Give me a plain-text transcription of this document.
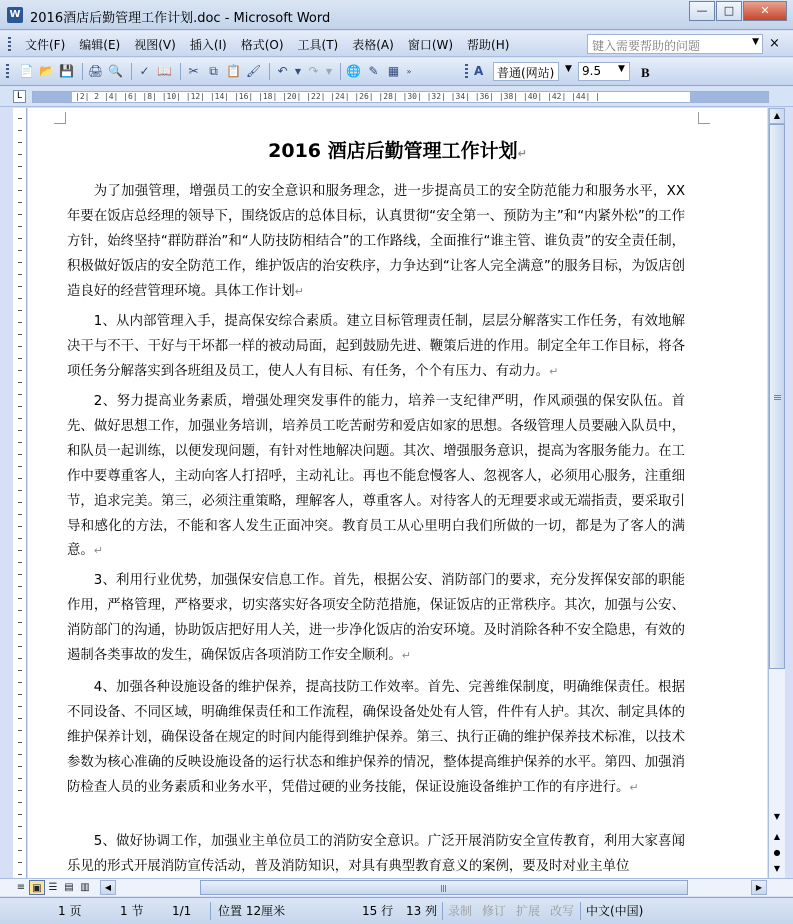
W 2016酒店后勤管理工作计划.doc - Microsoft Word
—	□	✕
文件(F) 编辑(E) 视图(V) 插入(I) 格式(O) 工具(T) 表格(A) 窗口(W) 帮助(H)	键入需要帮助的问题	▼ ×
📄 📂 💾 🖨 🔍 ✓ 📖 ✂ ⧉ 📋 🖌 ↶ ▼ ↷ ▼ 🌐 ✎ ▦ »	A	普通(网站)	▼ 9.5	▼ B
L	|2| 2 |4| |6| |8| |10| |12| |14| |16| |18| |20| |22| |24| |26| |28| |30| |32| |34| |36| |38| |40| |42| |44| |
2016 酒店后勤管理工作计划↵
为了加强管理，增强员工的安全意识和服务理念，进一步提高员工的安全防范能力和服务水平，XX年要在饭店总经理的领导下，围绕饭店的总体目标，认真贯彻“安全第一、预防为主”和“内紧外松”的工作方针，始终坚持“群防群治”和“人防技防相结合”的工作路线，全面推行“谁主管、谁负责”的安全责任制，积极做好饭店的安全防范工作，维护饭店的治安秩序，力争达到“让客人完全满意”的服务目标，为饭店创造良好的经营管理环境。具体工作计划↵
1、从内部管理入手，提高保安综合素质。建立目标管理责任制，层层分解落实工作任务，有效地解决干与不干、干好与干坏都一样的被动局面，起到鼓励先进、鞭策后进的作用。制定全年工作目标，将各项任务分解落实到各班组及员工，使人人有目标、有任务，个个有压力、有动力。↵
2、努力提高业务素质，增强处理突发事件的能力，培养一支纪律严明，作风顽强的保安队伍。首先、做好思想工作，加强业务培训，培养员工吃苦耐劳和爱店如家的思想。各级管理人员要融入队员中，和队员一起训练，以便发现问题，有针对性地解决问题。其次、增强服务意识，提高为客服务能力。在工作中要尊重客人，主动向客人打招呼，主动礼让。再也不能怠慢客人、忽视客人，必须用心服务，注重细节，追求完美。第三，必须注重策略，理解客人，尊重客人。对待客人的无理要求或无端指责，要采取引导和感化的方法，不能和客人发生正面冲突。教育员工从心里明白我们所做的一切，都是为了客人的满意。↵
3、利用行业优势，加强保安信息工作。首先，根据公安、消防部门的要求，充分发挥保安部的职能作用，严格管理，严格要求，切实落实好各项安全防范措施，保证饭店的正常秩序。其次，加强与公安、消防部门的沟通，协助饭店把好用人关，进一步净化饭店的治安环境。及时消除各种不安全隐患，有效的遏制各类事故的发生，确保饭店各项消防工作安全顺利。↵
4、加强各种设施设备的维护保养，提高技防工作效率。首先、完善维保制度，明确维保责任。根据不同设备、不同区域，明确维保责任和工作流程，确保设备处处有人管，件件有人护。其次、制定具体的维护保养计划，确保设备在规定的时间内能得到维护保养。第三、执行正确的维护保养技术标准，以技术参数为核心准确的反映设施设备的运行状态和维护保养的情况，整体提高维护保养的水平。第四、加强消防检查人员的业务素质和业务水平，凭借过硬的业务技能，保证设施设备维护工作的有序进行。↵
5、做好协调工作，加强业主单位员工的消防安全意识。广泛开展消防安全宣传教育，利用大家喜闻乐见的形式开展消防宣传活动，普及消防知识，对具有典型教育意义的案例，要及时对业主单位
▲
▼
▲
●
▼
≡ ▣ ☰ ▤ ▥	◀	▶
1 页	1 节 1/1 位置 12厘米	15 行 13 列 录制 修订 扩展 改写 中文(中国)
